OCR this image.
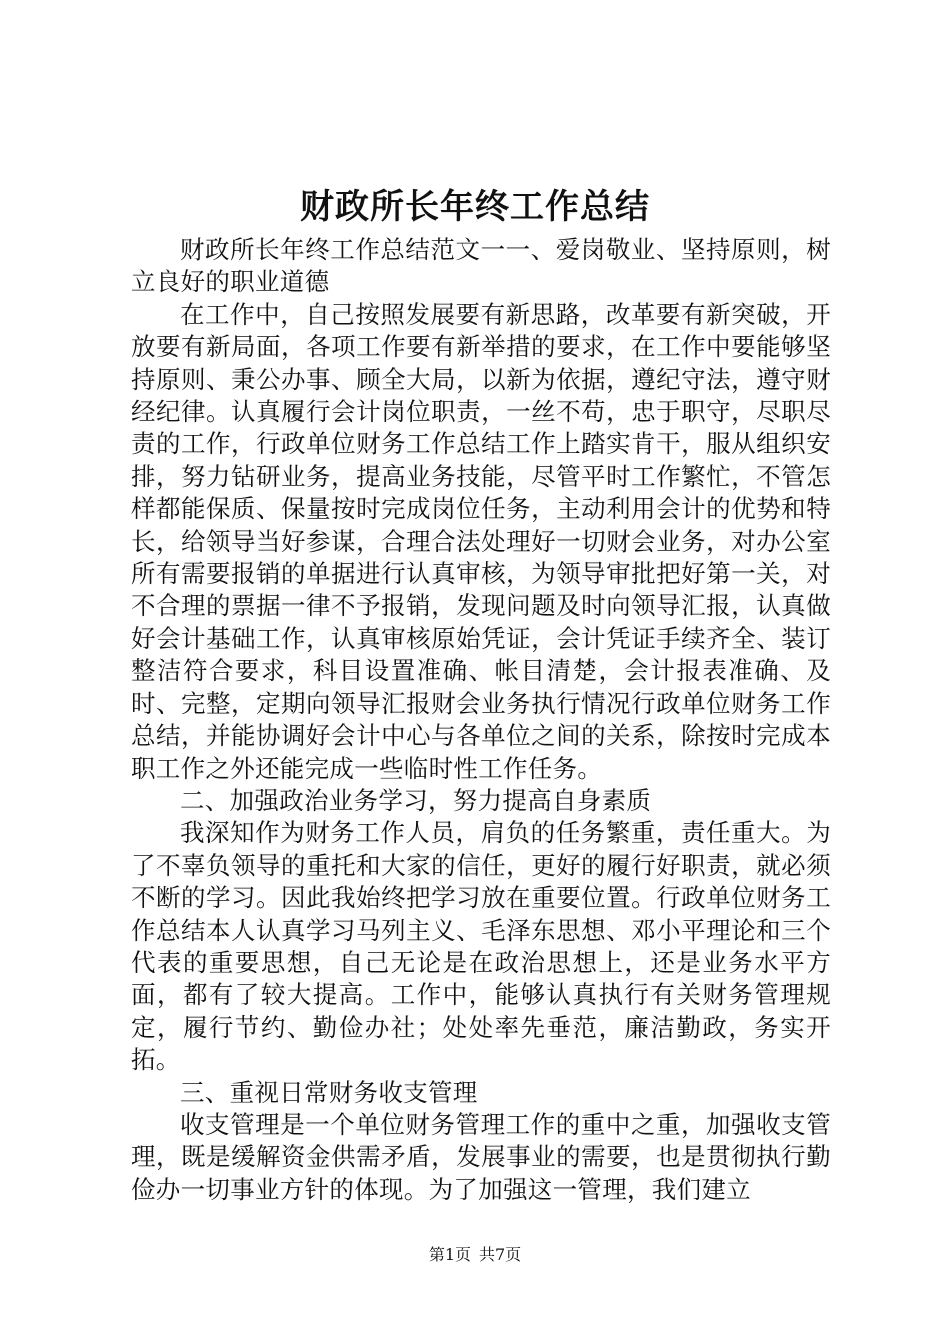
财政所长年终工作总结

财政所长年终工作总结范文一一、爱岗敬业、坚持原则，树立良好的职业道德

在工作中，自己按照发展要有新思路，改革要有新突破，开放要有新局面，各项工作要有新举措的要求，在工作中要能够坚持原则、秉公办事、顾全大局，以新为依据，遵纪守法，遵守财经纪律。认真履行会计岗位职责，一丝不苟，忠于职守，尽职尽责的工作，行政单位财务工作总结工作上踏实肯干，服从组织安排，努力钻研业务，提高业务技能，尽管平时工作繁忙，不管怎样都能保质、保量按时完成岗位任务，主动利用会计的优势和特长，给领导当好参谋，合理合法处理好一切财会业务，对办公室所有需要报销的单据进行认真审核，为领导审批把好第一关，对不合理的票据一律不予报销，发现问题及时向领导汇报，认真做好会计基础工作，认真审核原始凭证，会计凭证手续齐全、装订整洁符合要求，科目设置准确、帐目清楚，会计报表准确、及时、完整，定期向领导汇报财会业务执行情况行政单位财务工作总结，并能协调好会计中心与各单位之间的关系，除按时完成本职工作之外还能完成一些临时性工作任务。

二、加强政治业务学习，努力提高自身素质

我深知作为财务工作人员，肩负的任务繁重，责任重大。为了不辜负领导的重托和大家的信任，更好的履行好职责，就必须不断的学习。因此我始终把学习放在重要位置。行政单位财务工作总结本人认真学习马列主义、毛泽东思想、邓小平理论和三个代表的重要思想，自己无论是在政治思想上，还是业务水平方面，都有了较大提高。工作中，能够认真执行有关财务管理规定，履行节约、勤俭办社；处处率先垂范，廉洁勤政，务实开拓。

三、重视日常财务收支管理

收支管理是一个单位财务管理工作的重中之重，加强收支管理，既是缓解资金供需矛盾，发展事业的需要，也是贯彻执行勤俭办一切事业方针的体现。为了加强这一管理，我们建立

第1页 共7页
